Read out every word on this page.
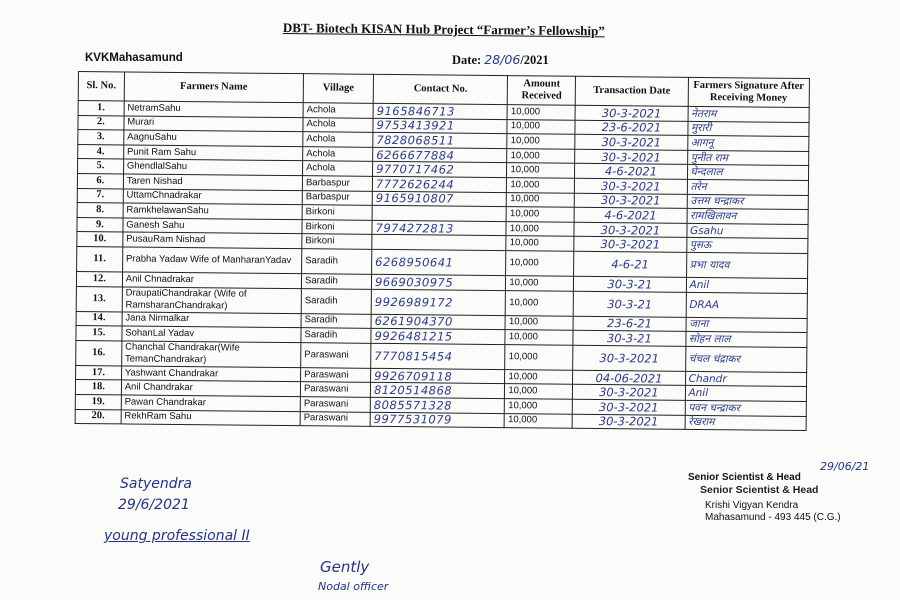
DBT- Biotech KISAN Hub Project “Farmer’s Fellowship”
KVKMahasamund	Date: 28/06/2021
Sl. No.	Farmers Name	Village	Contact No.	Amount Received	Transaction Date	Farmers Signature After Receiving Money
1.	NetramSahu	Achola	9165846713	10,000	30-3-2021	नेतराम
2.	Murari	Achola	9753413921	10,000	23-6-2021	मुरारी
3.	AagnuSahu	Achola	7828068511	10,000	30-3-2021	आगनू
4.	Punit Ram Sahu	Achola	6266677884	10,000	30-3-2021	पुनीत राम
5.	GhendlalSahu	Achola	9770717462	10,000	4-6-2021	घेन्दलाल
6.	Taren Nishad	Barbaspur	7772626244	10,000	30-3-2021	तरेन
7.	UttamChnadrakar	Barbaspur	9165910807	10,000	30-3-2021	उत्तम चन्द्राकर
8.	RamkhelawanSahu	Birkoni		10,000	4-6-2021	रामखिलावन
9.	Ganesh Sahu	Birkoni	7974272813	10,000	30-3-2021	Gsahu
10.	PusauRam Nishad	Birkoni		10,000	30-3-2021	पुसऊ
11.	Prabha Yadaw Wife of ManharanYadav	Saradih	6268950641	10,000	4-6-21	प्रभा यादव
12.	Anil Chnadrakar	Saradih	9669030975	10,000	30-3-21	Anil
13.	DraupatiChandrakar (Wife of RamsharanChandrakar)	Saradih	9926989172	10,000	30-3-21	DRAA
14.	Jana Nirmalkar	Saradih	6261904370	10,000	23-6-21	जाना
15.	SohanLal Yadav	Saradih	9926481215	10,000	30-3-21	सोहन लाल
16.	Chanchal Chandrakar(Wife TemanChandrakar)	Paraswani	7770815454	10,000	30-3-2021	चंचल चंद्राकर
17.	Yashwant Chandrakar	Paraswani	9926709118	10,000	04-06-2021	Chandr
18.	Anil Chandrakar	Paraswani	8120514868	10,000	30-3-2021	Anil
19.	Pawan Chandrakar	Paraswani	8085571328	10,000	30-3-2021	पवन चन्द्राकर
20.	RekhRam Sahu	Paraswani	9977531079	10,000	30-3-2021	रेखराम
Satyendra
29/6/2021
young professional II
Gently
Nodal officer
Senior Scientist & Head
29/06/21
Senior Scientist & Head
Krishi Vigyan Kendra
Mahasamund - 493 445 (C.G.)
